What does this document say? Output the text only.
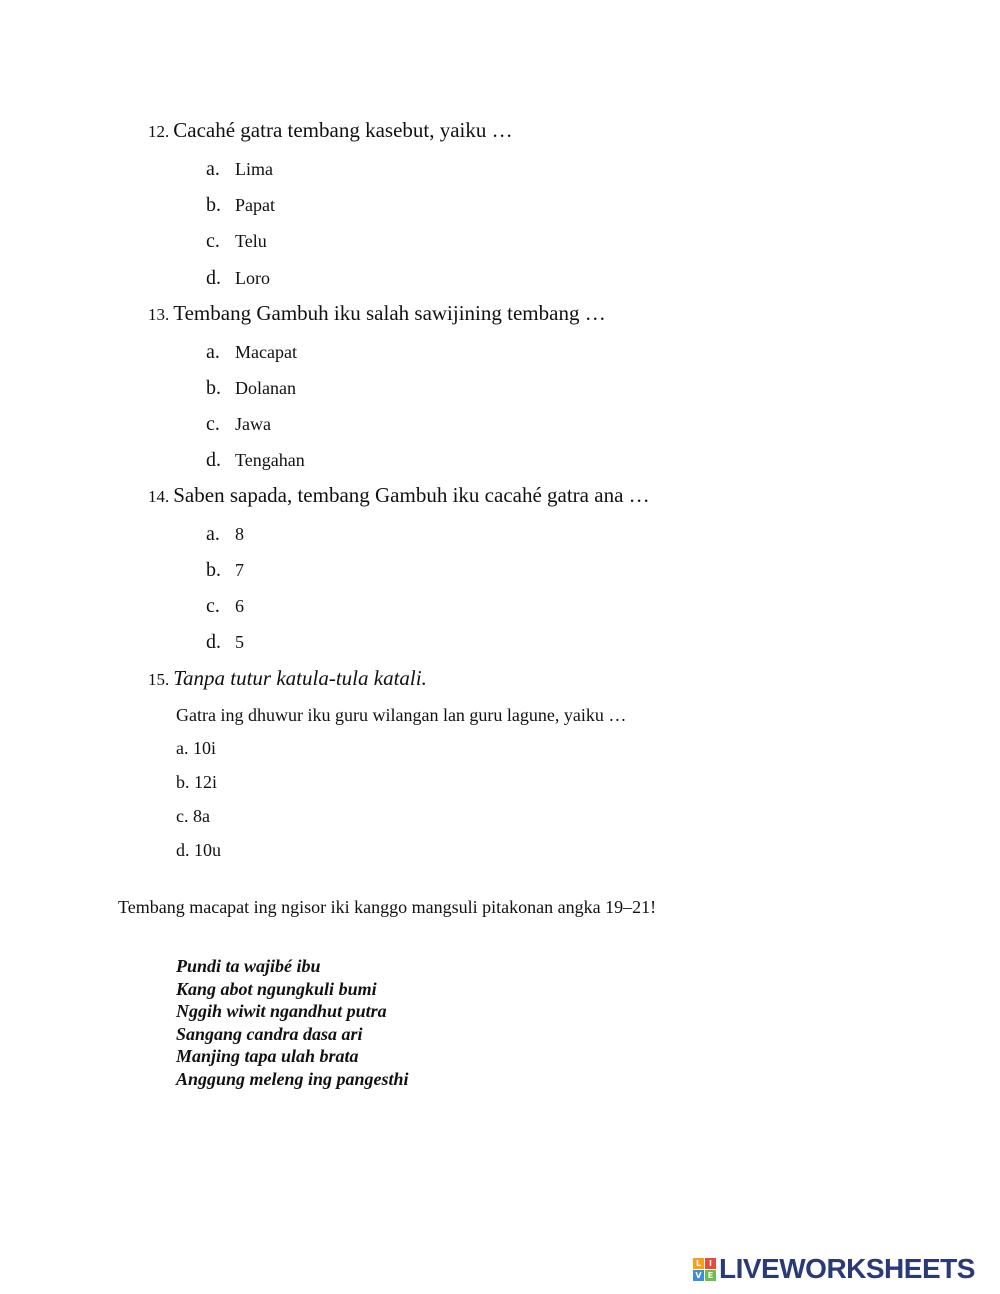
12. Cacahé gatra tembang kasebut, yaiku …
a. Lima
b. Papat
c. Telu
d. Loro
13. Tembang Gambuh iku salah sawijining tembang …
a. Macapat
b. Dolanan
c. Jawa
d. Tengahan
14. Saben sapada, tembang Gambuh iku cacahé gatra ana …
a. 8
b. 7
c. 6
d. 5
15. Tanpa tutur katula-tula katali.
Gatra ing dhuwur iku guru wilangan lan guru lagune, yaiku …
a. 10i
b. 12i
c. 8a
d. 10u
Tembang macapat ing ngisor iki kanggo mangsuli pitakonan angka 19–21!
Pundi ta wajibé ibu
Kang abot ngungkuli bumi
Nggih wiwit ngandhut putra
Sangang candra dasa ari
Manjing tapa ulah brata
Anggung meleng ing pangesthi
L I
V E LIVEWORKSHEETS
